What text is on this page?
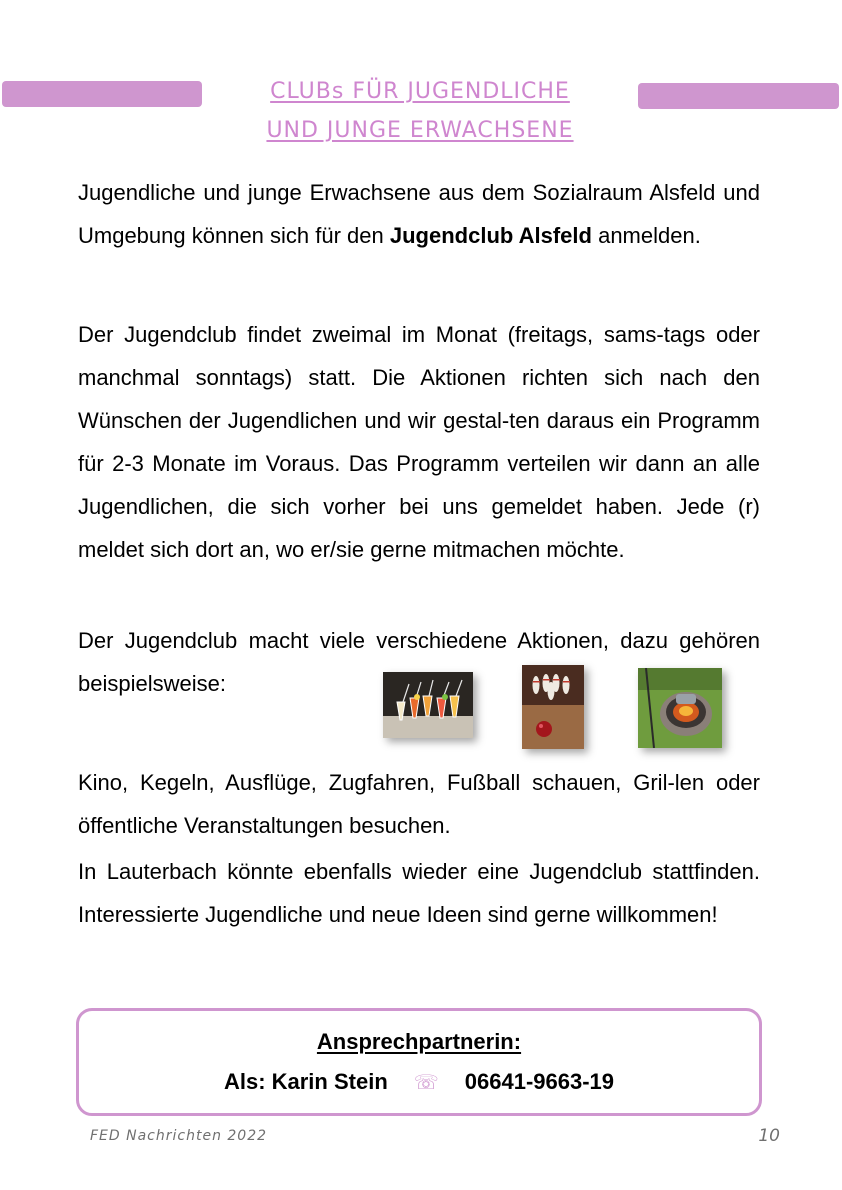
CLUBs FÜR JUGENDLICHE
UND JUNGE ERWACHSENE

Jugendliche und junge Erwachsene aus dem Sozialraum Alsfeld und Umgebung können sich für den Jugendclub Alsfeld anmelden.

Der Jugendclub findet zweimal im Monat (freitags, sams-tags oder manchmal sonntags) statt. Die Aktionen richten sich nach den Wünschen der Jugendlichen und wir gestal-ten daraus ein Programm für 2-3 Monate im Voraus. Das Programm verteilen wir dann an alle Jugendlichen, die sich vorher bei uns gemeldet haben. Jede (r) meldet sich dort an, wo er/sie gerne mitmachen möchte.

Der Jugendclub macht viele verschiedene Aktionen, dazu gehören beispielsweise:

Kino, Kegeln, Ausflüge, Zugfahren, Fußball schauen, Gril-len oder öffentliche Veranstaltungen besuchen.

In Lauterbach könnte ebenfalls wieder eine Jugendclub stattfinden. Interessierte Jugendliche und neue Ideen sind gerne willkommen!

Ansprechpartnerin:
Als: Karin Stein ☏ 06641-9663-19
FED Nachrichten 2022	10
